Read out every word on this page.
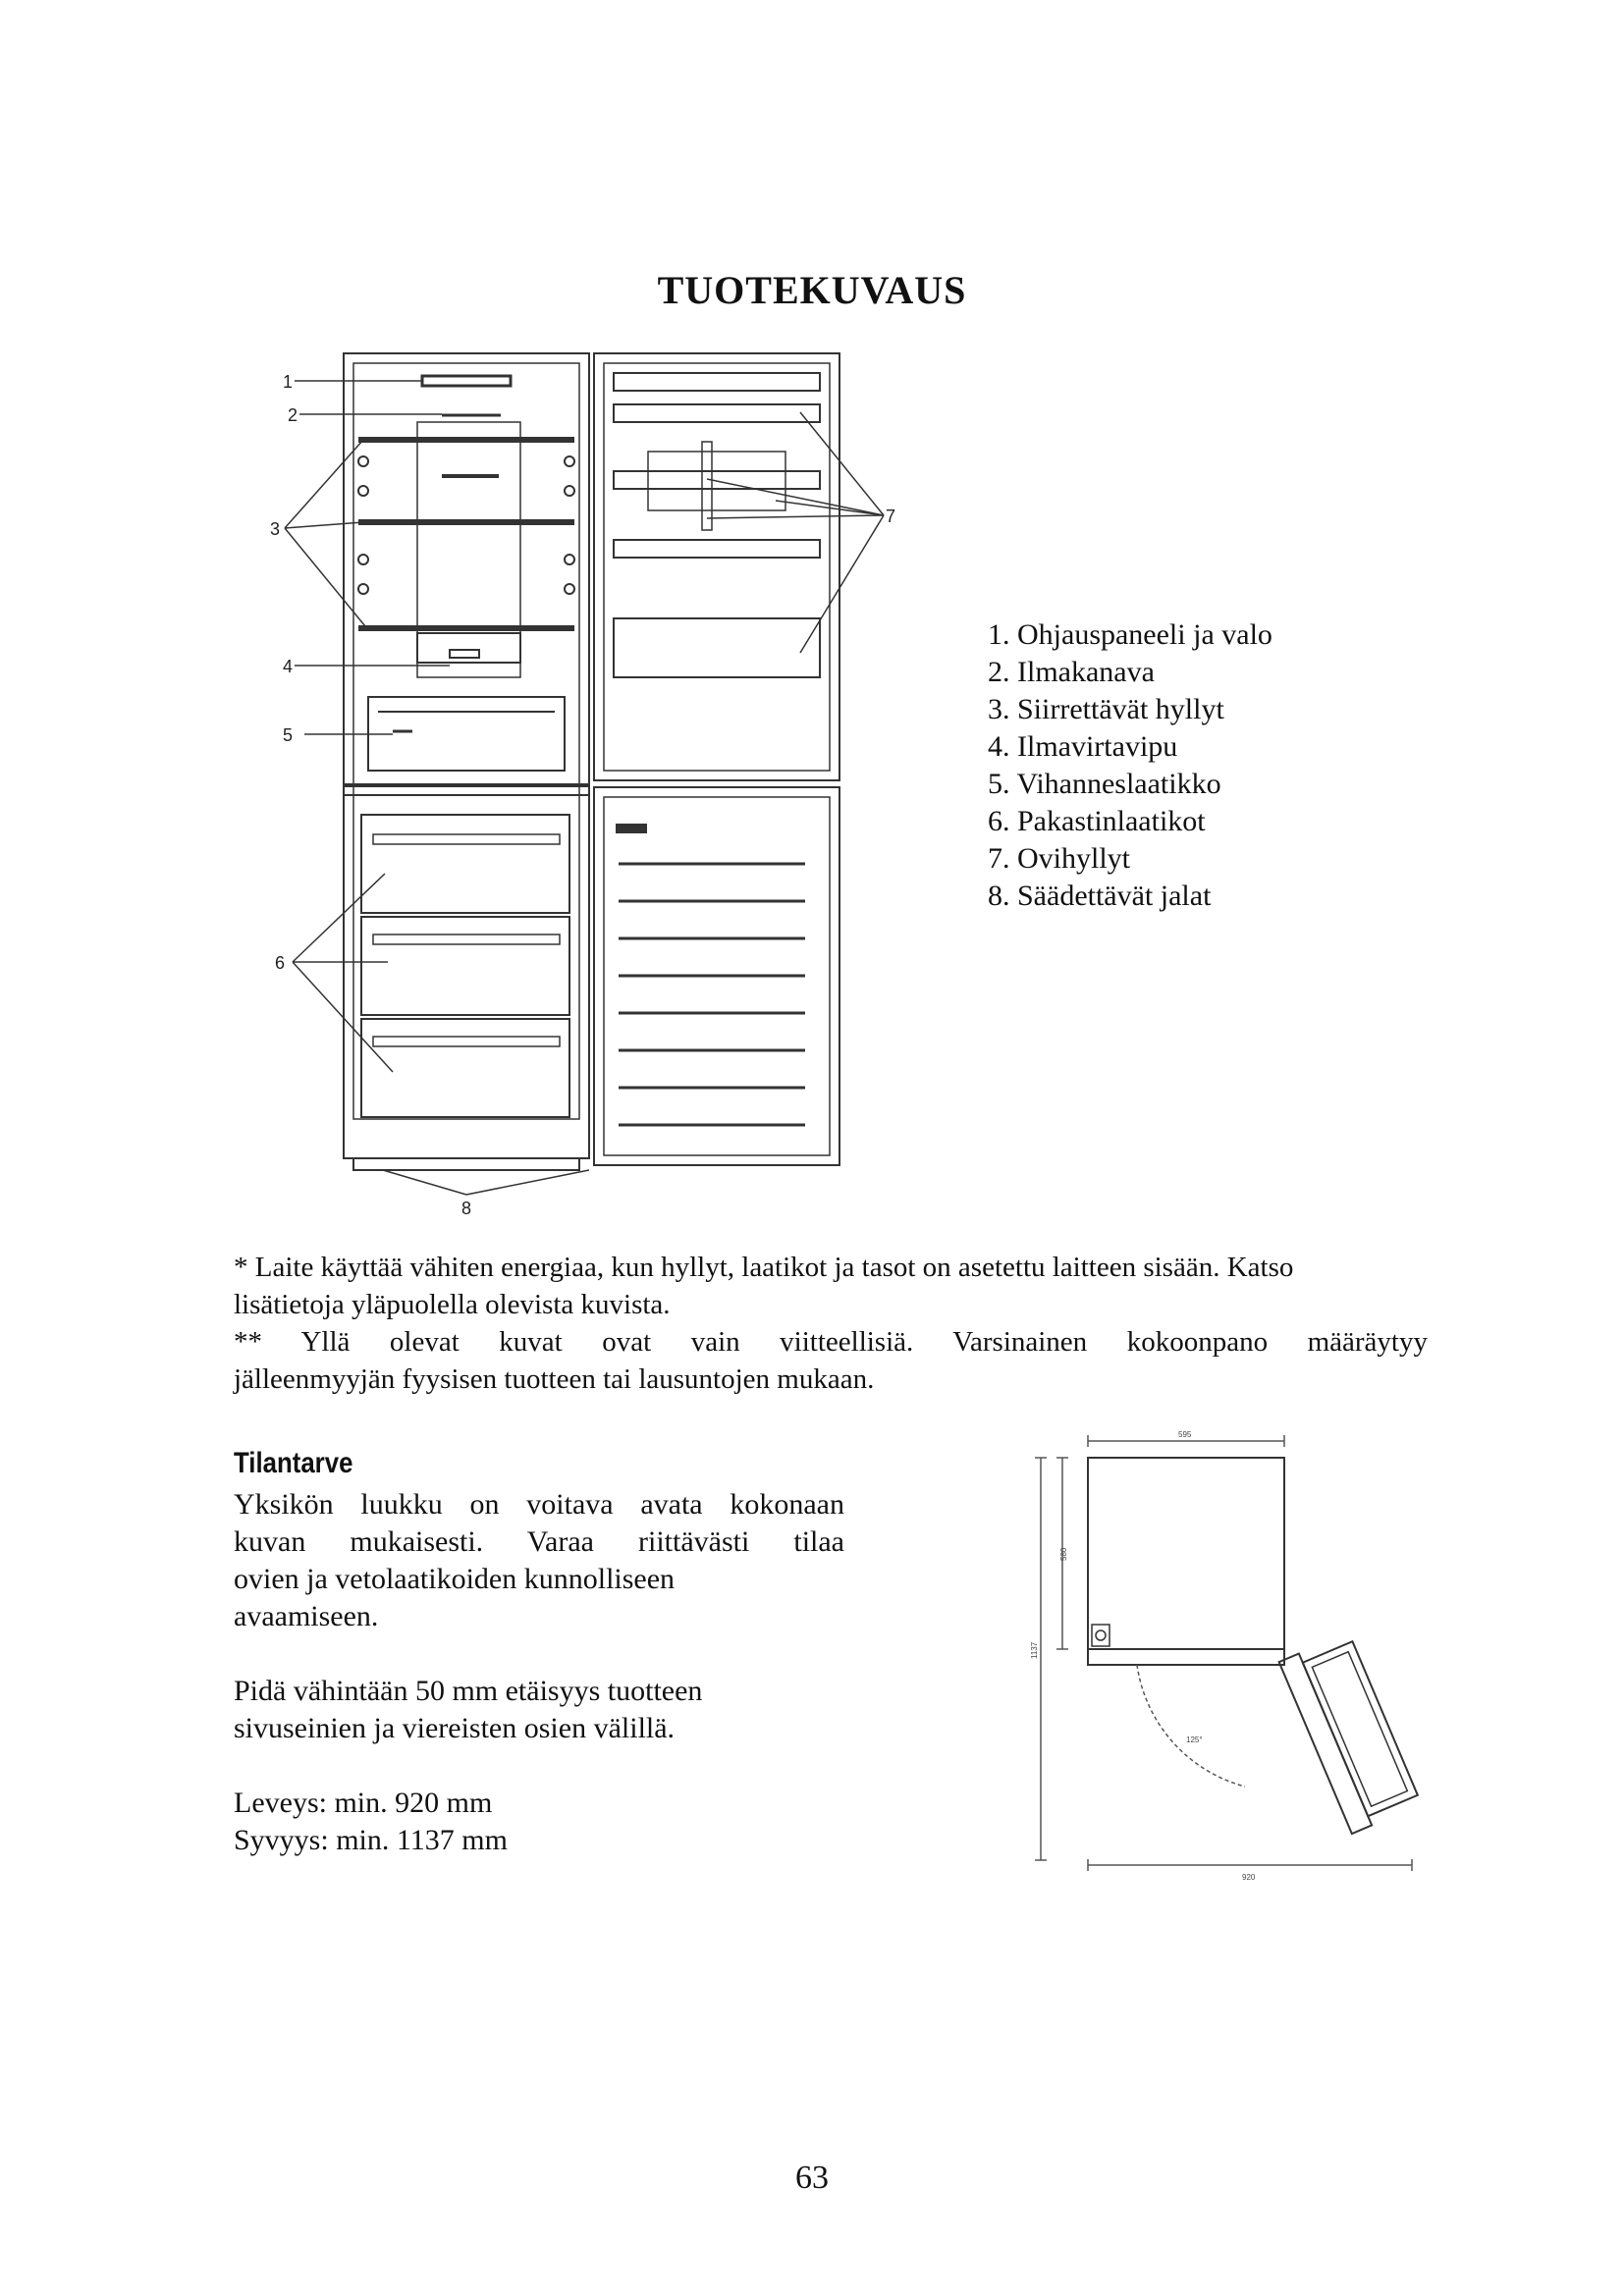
TUOTEKUVAUS
1
2
3
4
5
6
7
8
1. Ohjauspaneeli ja valo
2. Ilmakanava
3. Siirrettävät hyllyt
4. Ilmavirtavipu
5. Vihanneslaatikko
6. Pakastinlaatikot
7. Ovihyllyt
8. Säädettävät jalat

* Laite käyttää vähiten energiaa, kun hyllyt, laatikot ja tasot on asetettu laitteen sisään. Katso

lisätietoja yläpuolella olevista kuvista.

** Yllä olevat kuvat ovat vain viitteellisiä. Varsinainen kokoonpano määräytyy

jälleenmyyjän fyysisen tuotteen tai lausuntojen mukaan.

Tilantarve

Yksikön luukku on voitava avata kokonaan

kuvan mukaisesti. Varaa riittävästi tilaa

ovien ja vetolaatikoiden kunnolliseen

avaamiseen.

Pidä vähintään 50 mm etäisyys tuotteen

sivuseinien ja viereisten osien välillä.

Leveys: min. 920 mm

Syvyys: min. 1137 mm

595
580
1137
125°
920
63
